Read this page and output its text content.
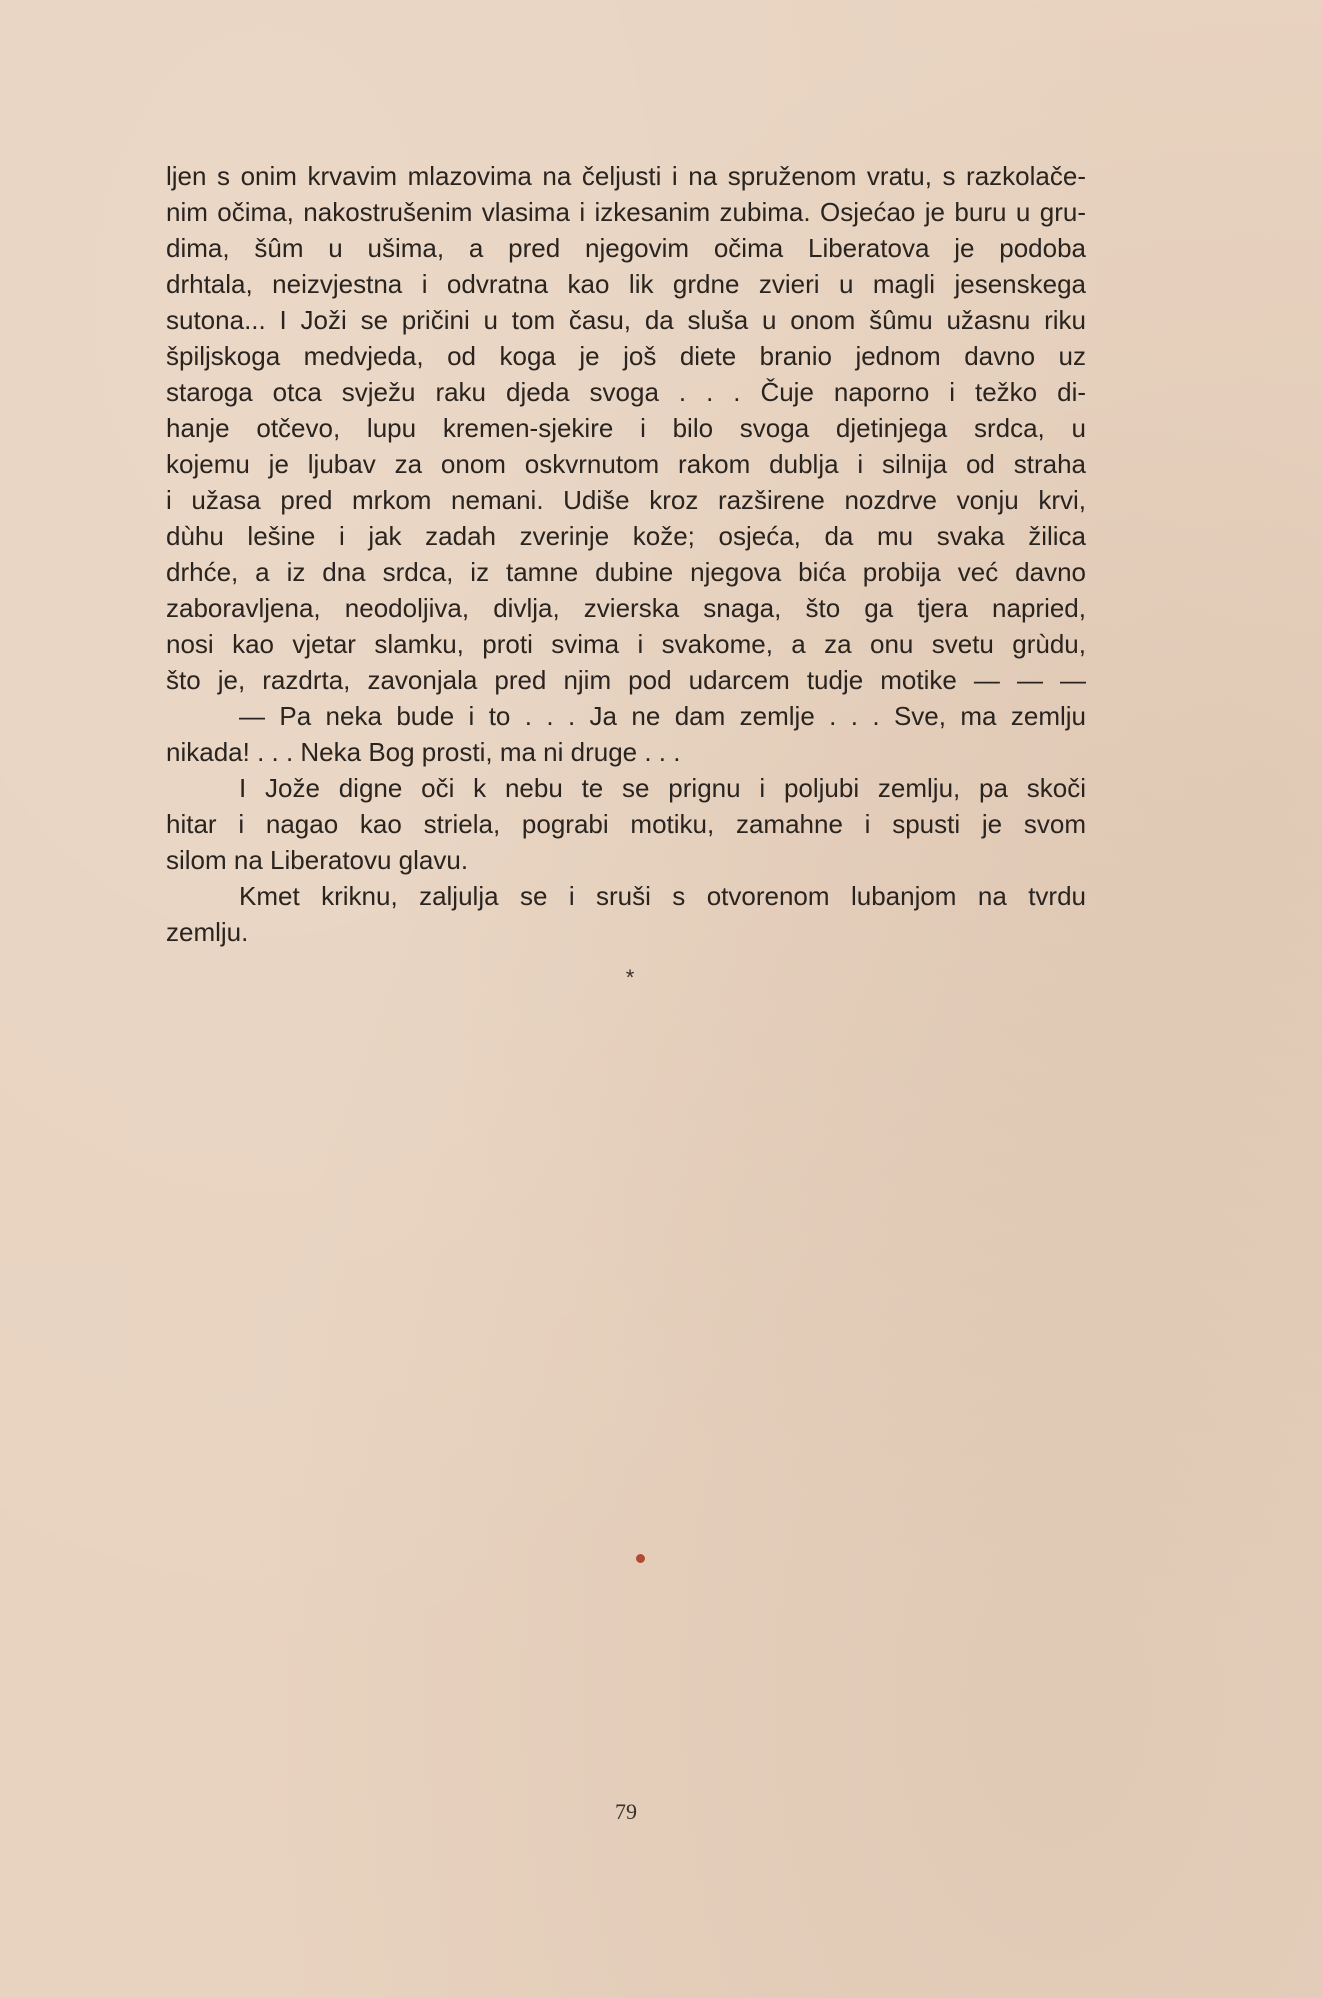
ljen s onim krvavim mlazovima na čeljusti i na spruženom vratu, s razkolače-
nim očima, nakostrušenim vlasima i izkesanim zubima. Osjećao je buru u gru-
dima, šûm u ušima, a pred njegovim očima Liberatova je podoba
drhtala, neizvjestna i odvratna kao lik grdne zvieri u magli jesenskega
sutona... I Joži se pričini u tom času, da sluša u onom šûmu užasnu riku
špiljskoga medvjeda, od koga je još diete branio jednom davno uz
staroga otca svježu raku djeda svoga . . . Čuje naporno i težko di-
hanje otčevo, lupu kremen-sjekire i bilo svoga djetinjega srdca, u
kojemu je ljubav za onom oskvrnutom rakom dublja i silnija od straha
i užasa pred mrkom nemani. Udiše kroz razširene nozdrve vonju krvi,
dùhu lešine i jak zadah zverinje kože; osjeća, da mu svaka žilica
drhće, a iz dna srdca, iz tamne dubine njegova bića probija već davno
zaboravljena, neodoljiva, divlja, zvierska snaga, što ga tjera napried,
nosi kao vjetar slamku, proti svima i svakome, a za onu svetu grùdu,
što je, razdrta, zavonjala pred njim pod udarcem tudje motike — — —
— Pa neka bude i to . . . Ja ne dam zemlje . . . Sve, ma zemlju
nikada! . . . Neka Bog prosti, ma ni druge . . .
I Jože digne oči k nebu te se prignu i poljubi zemlju, pa skoči
hitar i nagao kao striela, pograbi motiku, zamahne i spusti je svom
silom na Liberatovu glavu.
Kmet kriknu, zaljulja se i sruši s otvorenom lubanjom na tvrdu
zemlju.
*
79
